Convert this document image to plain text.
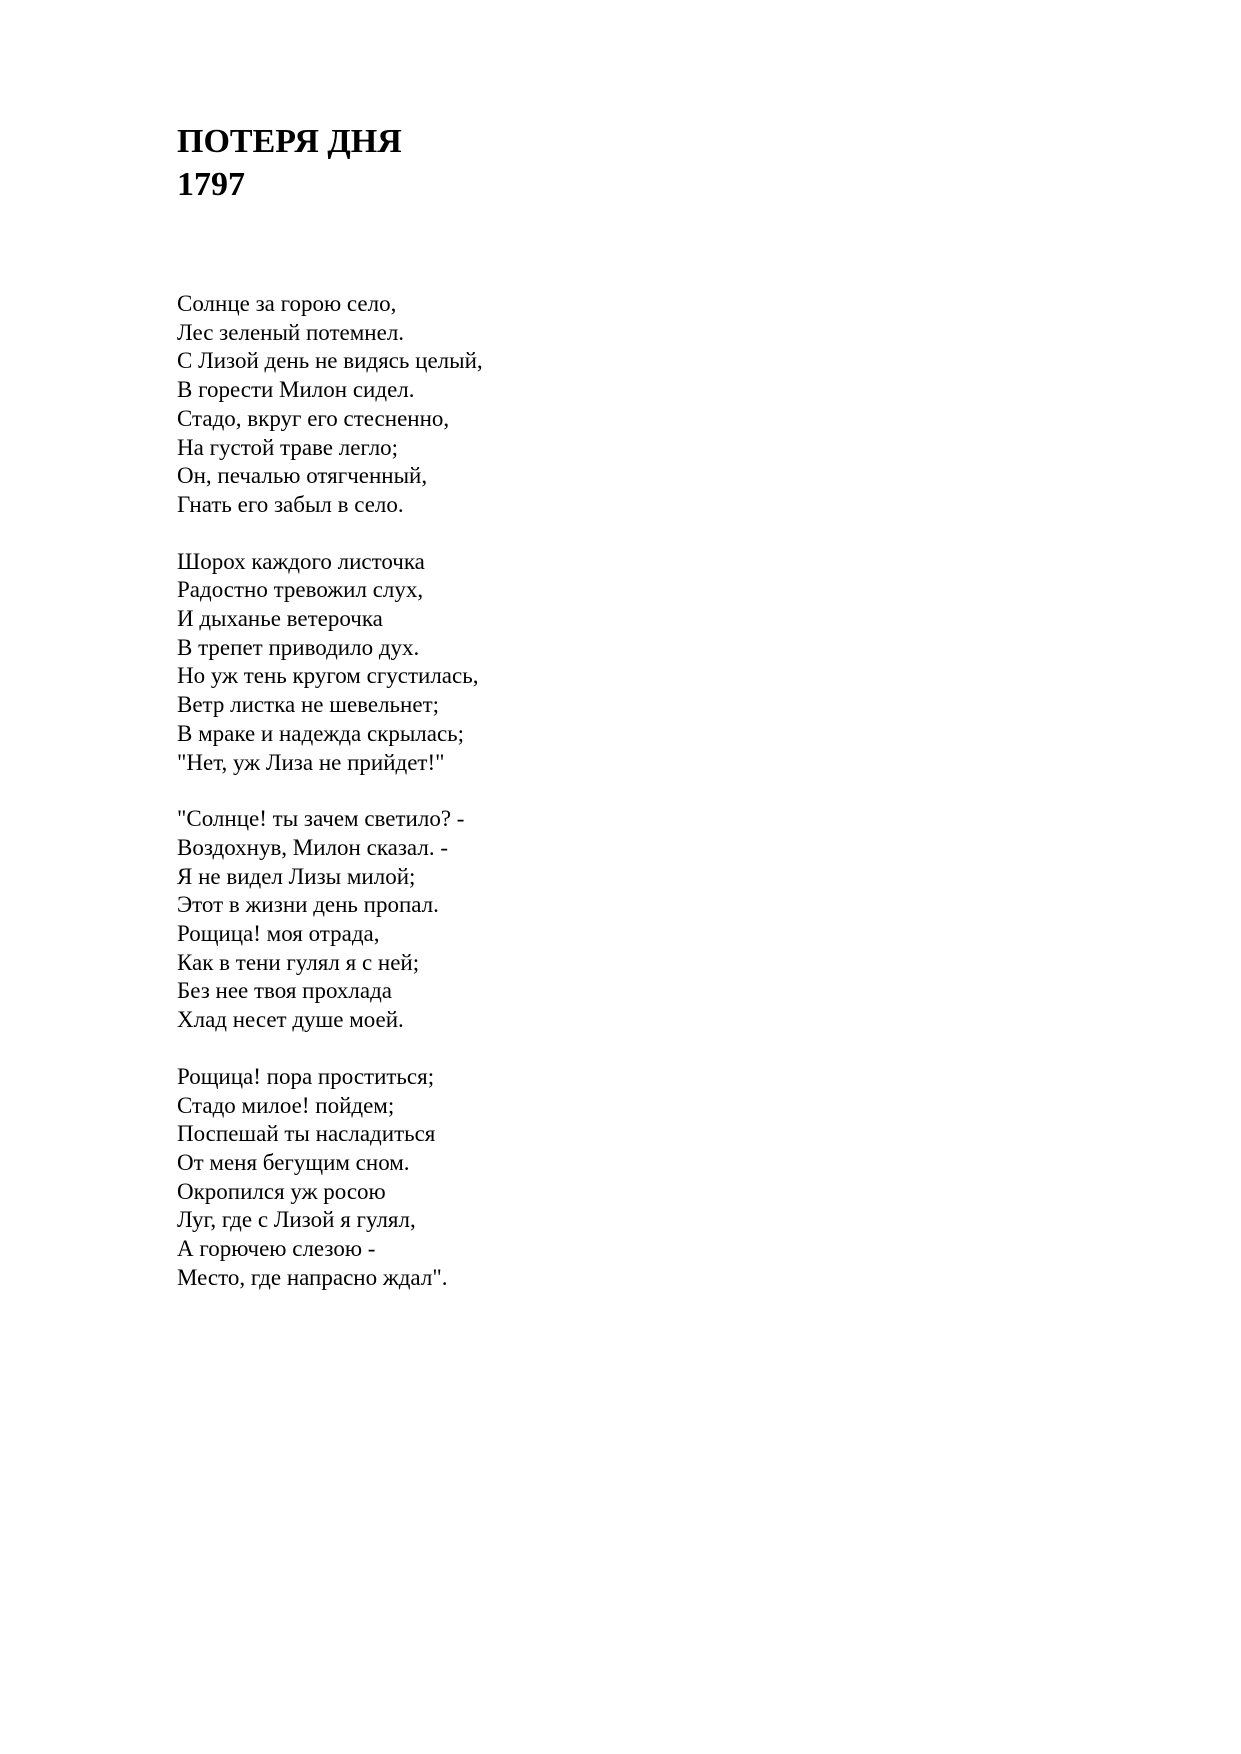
ПОТЕРЯ ДНЯ
1797
Солнце за горою село,
Лес зеленый потемнел.
С Лизой день не видясь целый,
В горести Милон сидел.
Стадо, вкруг его стесненно,
На густой траве легло;
Он, печалью отягченный,
Гнать его забыл в село.
Шорох каждого листочка
Радостно тревожил слух,
И дыханье ветерочка
В трепет приводило дух.
Но уж тень кругом сгустилась,
Ветр листка не шевельнет;
В мраке и надежда скрылась;
"Нет, уж Лиза не прийдет!"
"Солнце! ты зачем светило? -
Воздохнув, Милон сказал. -
Я не видел Лизы милой;
Этот в жизни день пропал.
Рощица! моя отрада,
Как в тени гулял я с ней;
Без нее твоя прохлада
Хлад несет душе моей.
Рощица! пора проститься;
Стадо милое! пойдем;
Поспешай ты насладиться
От меня бегущим сном.
Окропился уж росою
Луг, где с Лизой я гулял,
А горючею слезою -
Место, где напрасно ждал".
